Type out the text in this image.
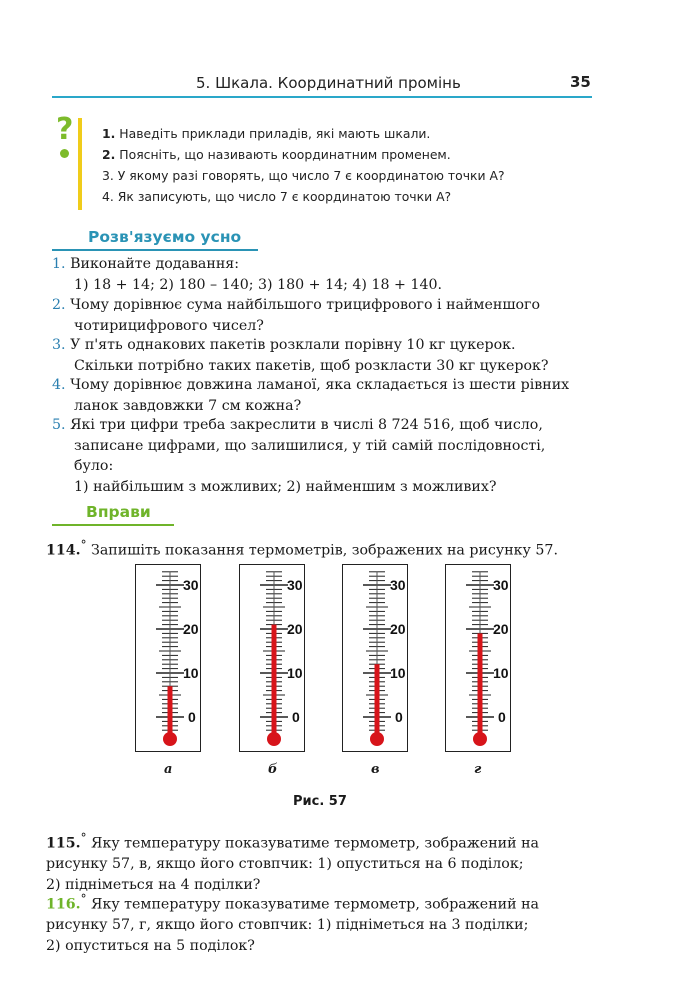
5. Шкала. Координатний промінь	35
? 1. Наведіть приклади приладів, які мають шкали.
2. Поясніть, що називають координатним променем.
3. У якому разі говорять, що число 7 є координатою точки A?
4. Як записують, що число 7 є координатою точки A?
Розв'язуємо усно
1. Виконайте додавання:
1) 18 + 14; 2) 180 – 140; 3) 180 + 14; 4) 18 + 140.
2. Чому дорівнює сума найбільшого трицифрового і найменшого
чотирицифрового чисел?
3. У п'ять однакових пакетів розклали порівну 10 кг цукерок.
Скільки потрібно таких пакетів, щоб розкласти 30 кг цукерок?
4. Чому дорівнює довжина ламаної, яка складається із шести рівних
ланок завдовжки 7 см кожна?
5. Які три цифри треба закреслити в числі 8 724 516, щоб число,
записане цифрами, що залишилися, у тій самій послідовності,
було:
1) найбільшим з можливих; 2) найменшим з можливих?
Вправи
114.° Запишіть показання термометрів, зображених на рисунку 57.
30
20
10
0
а
30
20
10
0
б
30
20
10
0
в
30
20
10
0
г
Рис. 57
115.° Яку температуру показуватиме термометр, зображений на
рисунку 57, в, якщо його стовпчик: 1) опуститься на 6 поділок;
2) підніметься на 4 поділки?
116.° Яку температуру показуватиме термометр, зображений на
рисунку 57, г, якщо його стовпчик: 1) підніметься на 3 поділки;
2) опуститься на 5 поділок?
